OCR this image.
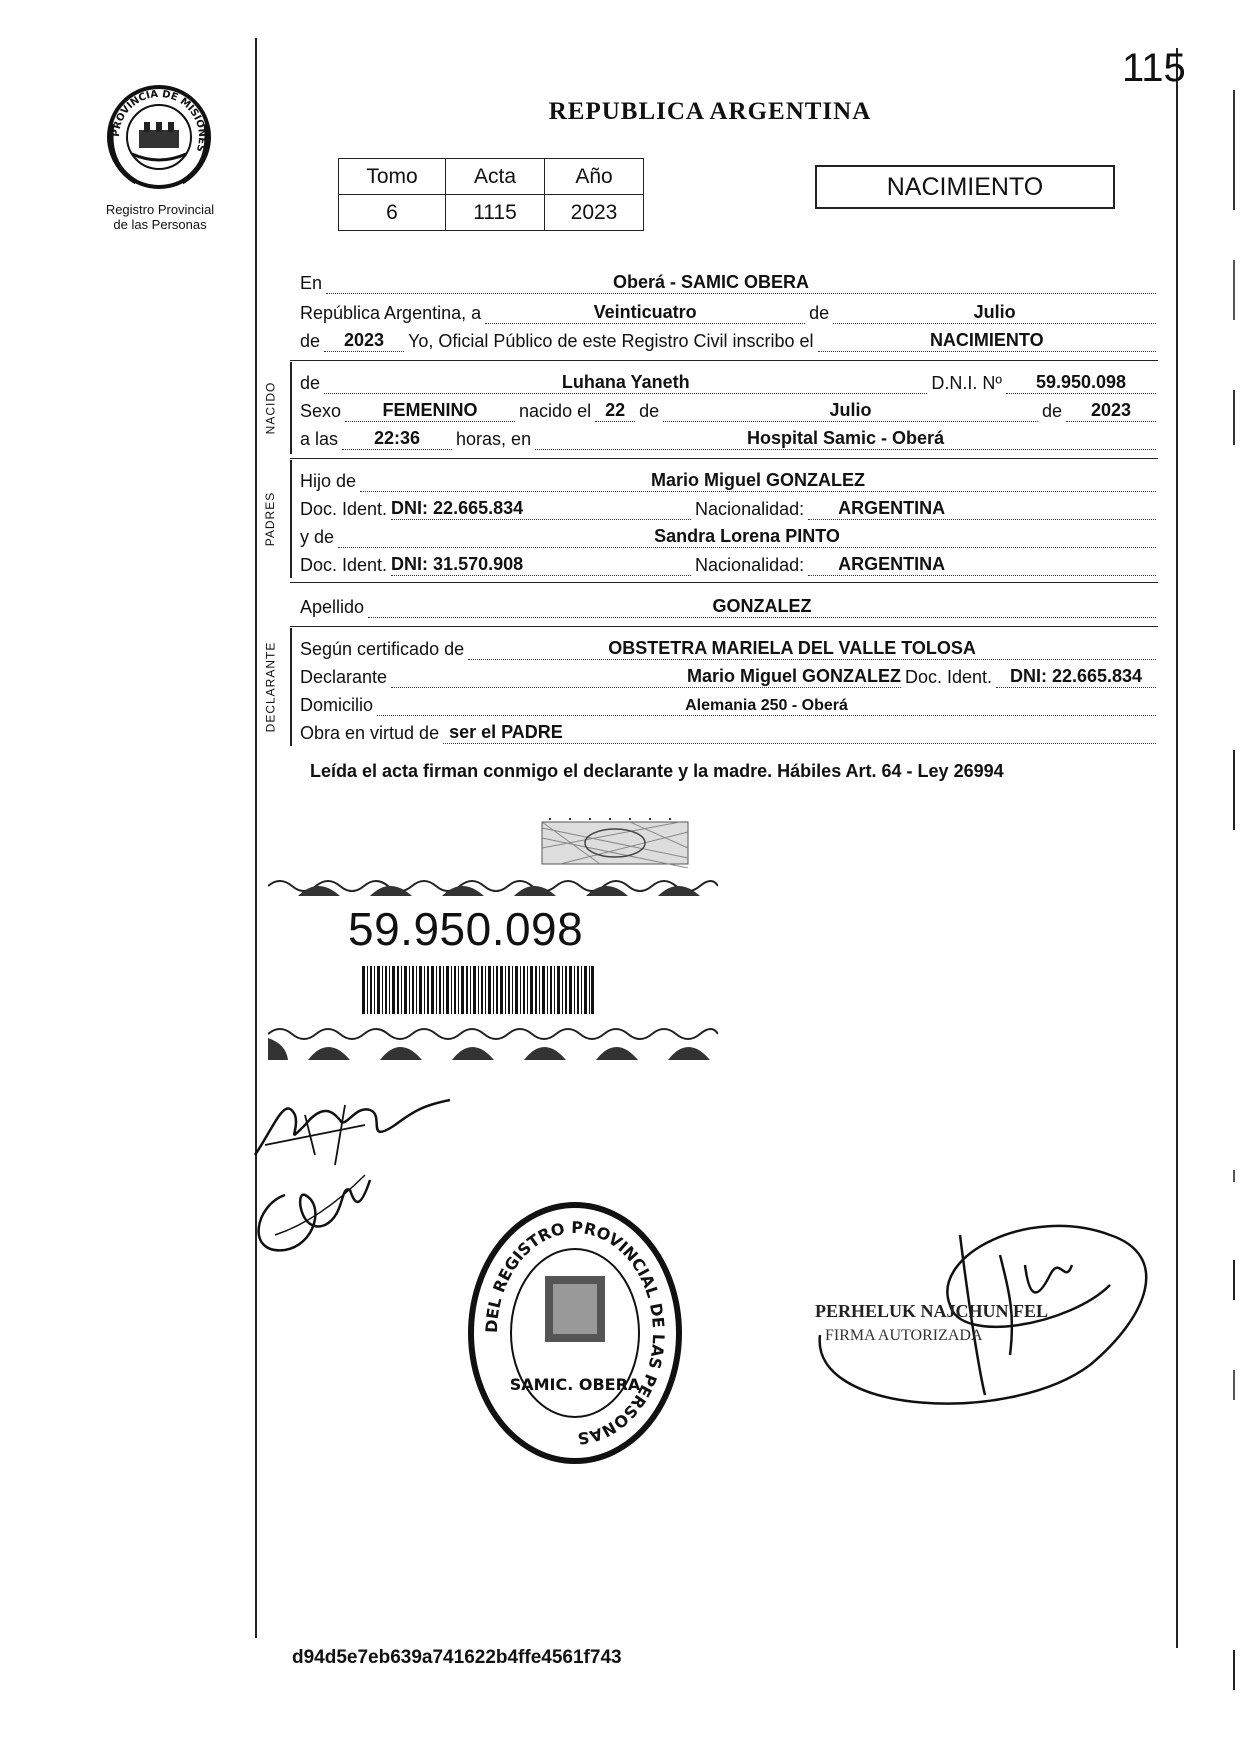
115
PROVINCIA DE MISIONES
Registro Provincial
de las Personas
REPUBLICA ARGENTINA
Tomo	Acta	Año
6	1115	2023
NACIMIENTO
En	Oberá - SAMIC OBERA
República Argentina, a	Veinticuatro	de	Julio
de	2023	Yo, Oficial Público de este Registro Civil inscribo el	NACIMIENTO
NACIDO de	Luhana Yaneth	D.N.I. Nº	59.950.098
Sexo	FEMENINO	nacido el 22 de	Julio	de	2023
a las	22:36	horas, en	Hospital Samic - Oberá
PADRES
Hijo de	Mario Miguel GONZALEZ
Doc. Ident. DNI: 22.665.834	Nacionalidad: ARGENTINA
y de	Sandra Lorena PINTO
Doc. Ident. DNI: 31.570.908	Nacionalidad: ARGENTINA
Apellido	GONZALEZ
DECLARANTE Según certificado de	OBSTETRA MARIELA DEL VALLE TOLOSA
Declarante	Mario Miguel GONZALEZ Doc. Ident. DNI: 22.665.834
Domicilio	Alemania 250 - Oberá
Obra en virtud de ser el PADRE
Leída el acta firman conmigo el declarante y la madre. Hábiles Art. 64 - Ley 26994
59.950.098
DEL REGISTRO PROVINCIAL DE LAS PERSONAS
SAMIC. OBERA
PERHELUK NAJCHUN FEL
FIRMA AUTORIZADA
d94d5e7eb639a741622b4ffe4561f743
